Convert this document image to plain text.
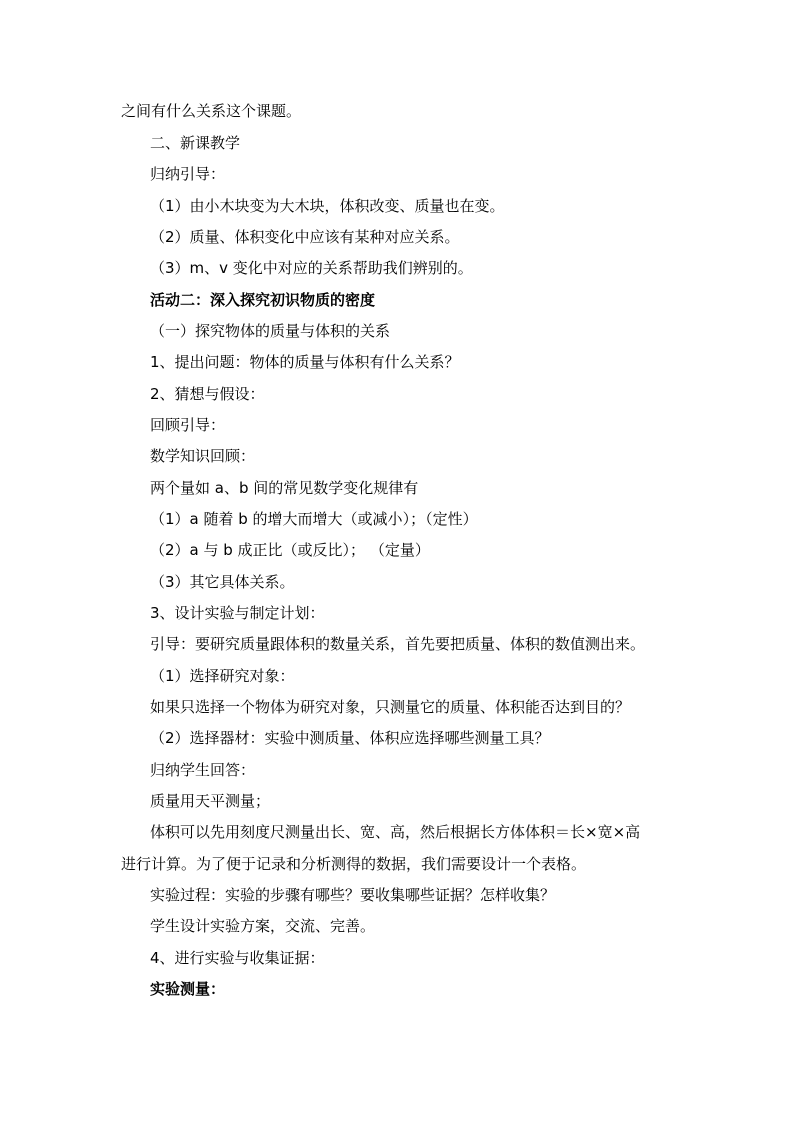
之间有什么关系这个课题。
二、新课教学
归纳引导：
（1）由小木块变为大木块，体积改变、质量也在变。
（2）质量、体积变化中应该有某种对应关系。
（3）m、v 变化中对应的关系帮助我们辨别的。
活动二：深入探究初识物质的密度
（一）探究物体的质量与体积的关系
1、提出问题：物体的质量与体积有什么关系？
2、猜想与假设：
回顾引导：
数学知识回顾：
两个量如 a、b 间的常见数学变化规律有
（1）a 随着 b 的增大而增大（或减小）；（定性）
（2）a 与 b 成正比（或反比）； （定量）
（3）其它具体关系。
3、设计实验与制定计划：
引导：要研究质量跟体积的数量关系，首先要把质量、体积的数值测出来。
（1）选择研究对象：
如果只选择一个物体为研究对象，只测量它的质量、体积能否达到目的？
（2）选择器材：实验中测质量、体积应选择哪些测量工具？
归纳学生回答：
质量用天平测量；
体积可以先用刻度尺测量出长、宽、高，然后根据长方体体积＝长×宽×高
进行计算。为了便于记录和分析测得的数据，我们需要设计一个表格。
实验过程：实验的步骤有哪些？要收集哪些证据？怎样收集？
学生设计实验方案，交流、完善。
4、进行实验与收集证据：
实验测量：
